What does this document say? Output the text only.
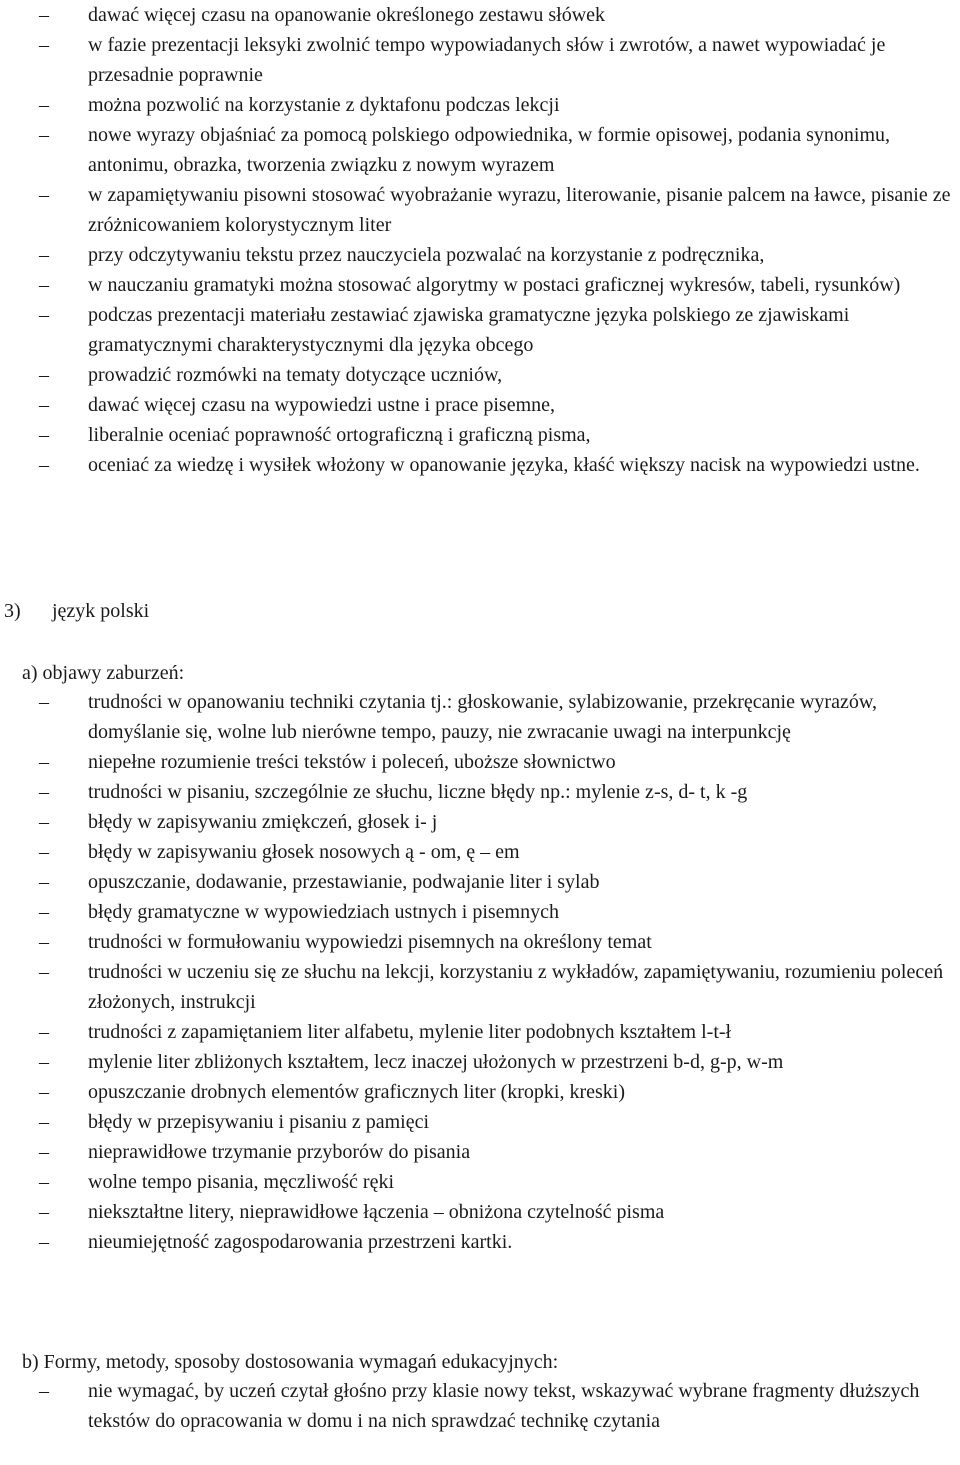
–	dawać więcej czasu na opanowanie określonego zestawu słówek
–	w fazie prezentacji leksyki zwolnić tempo wypowiadanych słów i zwrotów, a nawet wypowiadać je przesadnie poprawnie
–	można pozwolić na korzystanie z dyktafonu podczas lekcji
–	nowe wyrazy objaśniać za pomocą polskiego odpowiednika, w formie opisowej, podania synonimu, antonimu, obrazka, tworzenia związku z nowym wyrazem
–	w zapamiętywaniu pisowni stosować wyobrażanie wyrazu, literowanie, pisanie palcem na ławce, pisanie ze zróżnicowaniem kolorystycznym liter
–	przy odczytywaniu tekstu przez nauczyciela pozwalać na korzystanie z podręcznika,
–	w nauczaniu gramatyki można stosować algorytmy w postaci graficznej wykresów, tabeli, rysunków)
–	podczas prezentacji materiału zestawiać zjawiska gramatyczne języka polskiego ze zjawiskami gramatycznymi charakterystycznymi dla języka obcego
–	prowadzić rozmówki na tematy dotyczące uczniów,
–	dawać więcej czasu na wypowiedzi ustne i prace pisemne,
–	liberalnie oceniać poprawność ortograficzną i graficzną pisma,
–	oceniać za wiedzę i wysiłek włożony w opanowanie języka, kłaść większy nacisk na wypowiedzi ustne.
3) język polski
a) objawy zaburzeń:
–	trudności w opanowaniu techniki czytania tj.: głoskowanie, sylabizowanie, przekręcanie wyrazów, domyślanie się, wolne lub nierówne tempo, pauzy, nie zwracanie uwagi na interpunkcję
–	niepełne rozumienie treści tekstów i poleceń, uboższe słownictwo
–	trudności w pisaniu, szczególnie ze słuchu, liczne błędy np.: mylenie z-s, d- t, k -g
–	błędy w zapisywaniu zmiękczeń, głosek i- j
–	błędy w zapisywaniu głosek nosowych ą - om, ę – em
–	opuszczanie, dodawanie, przestawianie, podwajanie liter i sylab
–	błędy gramatyczne w wypowiedziach ustnych i pisemnych
–	trudności w formułowaniu wypowiedzi pisemnych na określony temat
–	trudności w uczeniu się ze słuchu na lekcji, korzystaniu z wykładów, zapamiętywaniu, rozumieniu poleceń złożonych, instrukcji
–	trudności z zapamiętaniem liter alfabetu, mylenie liter podobnych kształtem l-t-ł
–	mylenie liter zbliżonych kształtem, lecz inaczej ułożonych w przestrzeni b-d, g-p, w-m
–	opuszczanie drobnych elementów graficznych liter (kropki, kreski)
–	błędy w przepisywaniu i pisaniu z pamięci
–	nieprawidłowe trzymanie przyborów do pisania
–	wolne tempo pisania, męczliwość ręki
–	niekształtne litery, nieprawidłowe łączenia – obniżona czytelność pisma
–	nieumiejętność zagospodarowania przestrzeni kartki.
b) Formy, metody, sposoby dostosowania wymagań edukacyjnych:
–	nie wymagać, by uczeń czytał głośno przy klasie nowy tekst, wskazywać wybrane fragmenty dłuższych tekstów do opracowania w domu i na nich sprawdzać technikę czytania
